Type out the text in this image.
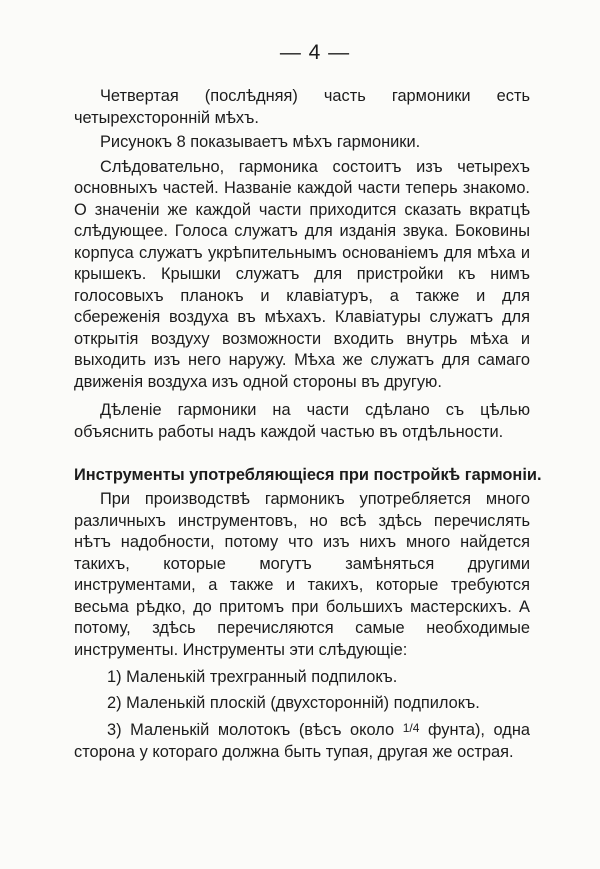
— 4 —

Четвертая (послѣдняя) часть гармоники есть четырехсторонній мѣхъ.

Рисунокъ 8 показываетъ мѣхъ гармоники.

Слѣдовательно, гармоника состоитъ изъ четырехъ основныхъ частей. Названіе каждой части теперь знакомо. О значеніи же каждой части приходится сказать вкратцѣ слѣдующее. Голоса служатъ для изданія звука. Боковины корпуса служатъ укрѣпительнымъ основаніемъ для мѣха и крышекъ. Крышки служатъ для пристройки къ нимъ голосовыхъ планокъ и клавіатуръ, а также и для сбереженія воздуха въ мѣхахъ. Клавіатуры служатъ для открытія воздуху возможности входить внутрь мѣха и выходить изъ него наружу. Мѣха же служатъ для самаго движенія воздуха изъ одной стороны въ другую.

Дѣленіе гармоники на части сдѣлано съ цѣлью объяснить работы надъ каждой частью въ отдѣльности.

Инструменты употребляющіеся при постройкѣ гармоніи.

При производствѣ гармоникъ употребляется много различныхъ инструментовъ, но всѣ здѣсь перечислять нѣтъ надобности, потому что изъ нихъ много найдется такихъ, которые могутъ замѣняться другими инструментами, а также и такихъ, которые требуются весьма рѣдко, до притомъ при большихъ мастерскихъ. А потому, здѣсь перечисляются самые необходимые инструменты. Инструменты эти слѣдующіе:

1) Маленькій трехгранный подпилокъ.

2) Маленькій плоскій (двухсторонній) подпилокъ.

3) Маленькій молотокъ (вѣсъ около 1/4 фунта), одна сторона у котораго должна быть тупая, другая же острая.
